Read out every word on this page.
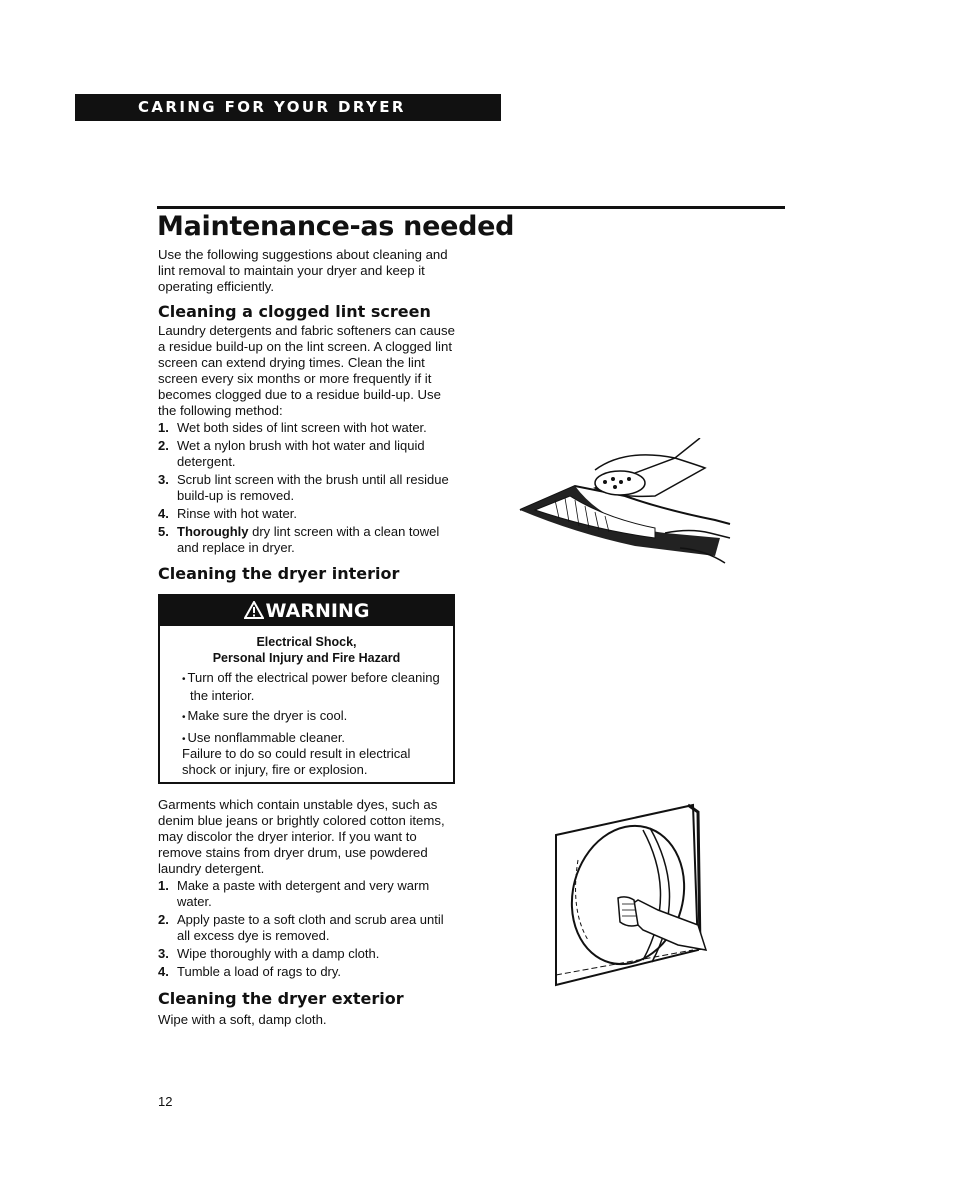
CARING FOR YOUR DRYER
Maintenance-as needed

Use the following suggestions about cleaning and lint removal to maintain your dryer and keep it operating efficiently.

Cleaning a clogged lint screen

Laundry detergents and fabric softeners can cause a residue build-up on the lint screen. A clogged lint screen can extend drying times. Clean the lint screen every six months or more frequently if it becomes clogged due to a residue build-up. Use the following method:

1. Wet both sides of lint screen with hot water.
2. Wet a nylon brush with hot water and liquid detergent.
3. Scrub lint screen with the brush until all residue build-up is removed.
4. Rinse with hot water.
5. Thoroughly dry lint screen with a clean towel and replace in dryer.
Cleaning the dryer interior
WARNING

Electrical Shock,
Personal Injury and Fire Hazard

• Turn off the electrical power before cleaning the interior.
• Make sure the dryer is cool.
• Use nonflammable cleaner.

Failure to do so could result in electrical shock or injury, fire or explosion.

Garments which contain unstable dyes, such as denim blue jeans or brightly colored cotton items, may discolor the dryer interior. If you want to remove stains from dryer drum, use powdered laundry detergent.

1. Make a paste with detergent and very warm water.
2. Apply paste to a soft cloth and scrub area until all excess dye is removed.
3. Wipe thoroughly with a damp cloth.
4. Tumble a load of rags to dry.
Cleaning the dryer exterior

Wipe with a soft, damp cloth.

12
